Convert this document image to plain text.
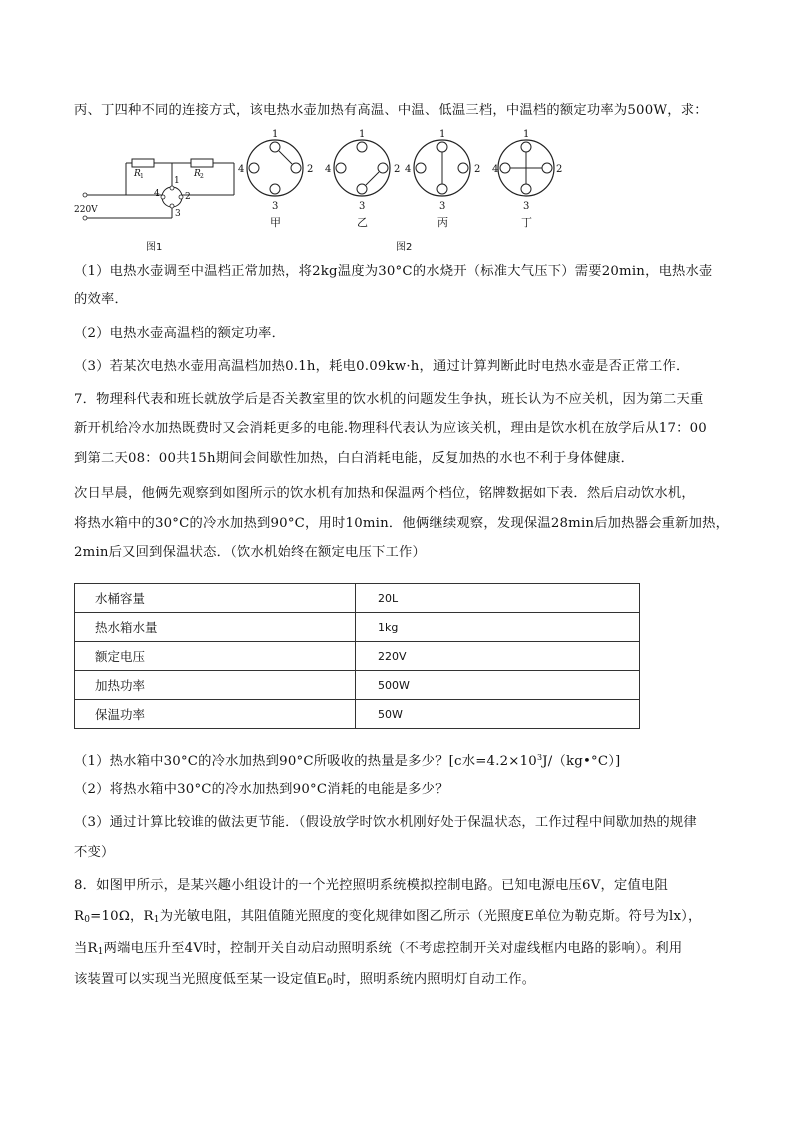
丙、丁四种不同的连接方式，该电热水壶加热有高温、中温、低温三档，中温档的额定功率为500W，求：
R 1	R 2
1
2
3
4
220V
图1
1
2
3
4
甲
1
2
3
4
乙
1
2
3
4
丙
1
2
3
4
丁
图2
（1）电热水壶调至中温档正常加热，将2kg温度为30°C的水烧开（标准大气压下）需要20min，电热水壶
的效率．
（2）电热水壶高温档的额定功率．
（3）若某次电热水壶用高温档加热0.1h，耗电0.09kw·h，通过计算判断此时电热水壶是否正常工作．
7．物理科代表和班长就放学后是否关教室里的饮水机的问题发生争执，班长认为不应关机，因为第二天重
新开机给冷水加热既费时又会消耗更多的电能.物理科代表认为应该关机，理由是饮水机在放学后从17：00
到第二天08：00共15h期间会间歇性加热，白白消耗电能，反复加热的水也不利于身体健康．
次日早晨，他俩先观察到如图所示的饮水机有加热和保温两个档位，铭牌数据如下表．然后启动饮水机，
将热水箱中的30°C的冷水加热到90°C，用时10min．他俩继续观察，发现保温28min后加热器会重新加热，
2min后又回到保温状态．（饮水机始终在额定电压下工作）
水桶容量	20L
热水箱水量	1kg
额定电压	220V
加热功率	500W
保温功率	50W
（1）热水箱中30°C的冷水加热到90°C所吸收的热量是多少？[c水$=4.2\times 10^3J/(kg•^\circ C)$]
（2）将热水箱中30°C的冷水加热到90°C消耗的电能是多少？
（3）通过计算比较谁的做法更节能．（假设放学时饮水机刚好处于保温状态，工作过程中间歇加热的规律
不变）
8．如图甲所示，是某兴趣小组设计的一个光控照明系统模拟控制电路。已知电源电压6V，定值电阻
$R_0=10\Omega$，$R_1$为光敏电阻，其阻值随光照度的变化规律如图乙所示（光照度E单位为勒克斯。符号为lx），
当$R_1$两端电压升至4V时，控制开关自动启动照明系统（不考虑控制开关对虚线框内电路的影响）。利用
该装置可以实现当光照度低至某一设定值$E_0$时，照明系统内照明灯自动工作。
